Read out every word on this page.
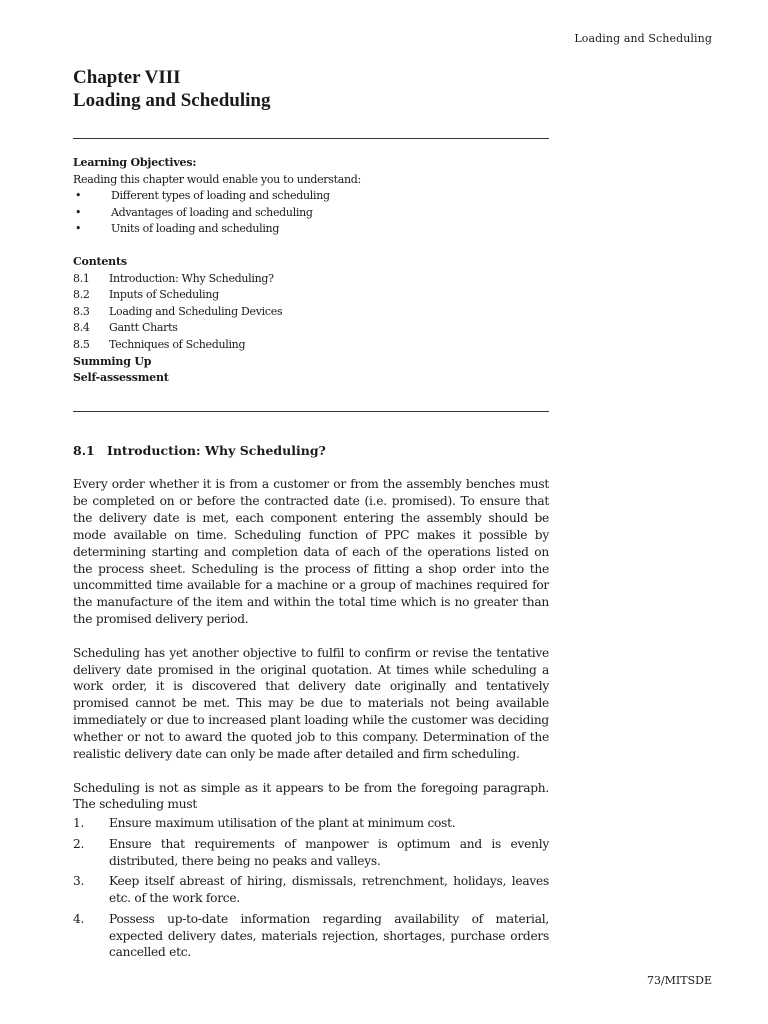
Loading and Scheduling
Chapter VIII
Loading and Scheduling
Learning Objectives:
Reading this chapter would enable you to understand:
•	Different types of loading and scheduling
•	Advantages of loading and scheduling
•	Units of loading and scheduling
Contents
8.1	Introduction: Why Scheduling?
8.2	Inputs of Scheduling
8.3	Loading and Scheduling Devices
8.4	Gantt Charts
8.5	Techniques of Scheduling
Summing Up
Self-assessment
8.1 Introduction: Why Scheduling?

Every order whether it is from a customer or from the assembly benches must be completed on or before the contracted date (i.e. promised). To ensure that the delivery date is met, each component entering the assembly should be mode available on time. Scheduling function of PPC makes it possible by determining starting and completion data of each of the operations listed on the process sheet. Scheduling is the process of fitting a shop order into the uncommitted time available for a machine or a group of machines required for the manufacture of the item and within the total time which is no greater than the promised delivery period.

Scheduling has yet another objective to fulfil to confirm or revise the tentative delivery date promised in the original quotation. At times while scheduling a work order, it is discovered that delivery date originally and tentatively promised cannot be met. This may be due to materials not being available immediately or due to increased plant loading while the customer was deciding whether or not to award the quoted job to this company. Determination of the realistic delivery date can only be made after detailed and firm scheduling.

Scheduling is not as simple as it appears to be from the foregoing paragraph. The scheduling must

1.	Ensure maximum utilisation of the plant at minimum cost.
2.	Ensure that requirements of manpower is optimum and is evenly distributed, there being no peaks and valleys.
3.	Keep itself abreast of hiring, dismissals, retrenchment, holidays, leaves etc. of the work force.
4.	Possess up-to-date information regarding availability of material, expected delivery dates, materials rejection, shortages, purchase orders cancelled etc.
73/MITSDE
